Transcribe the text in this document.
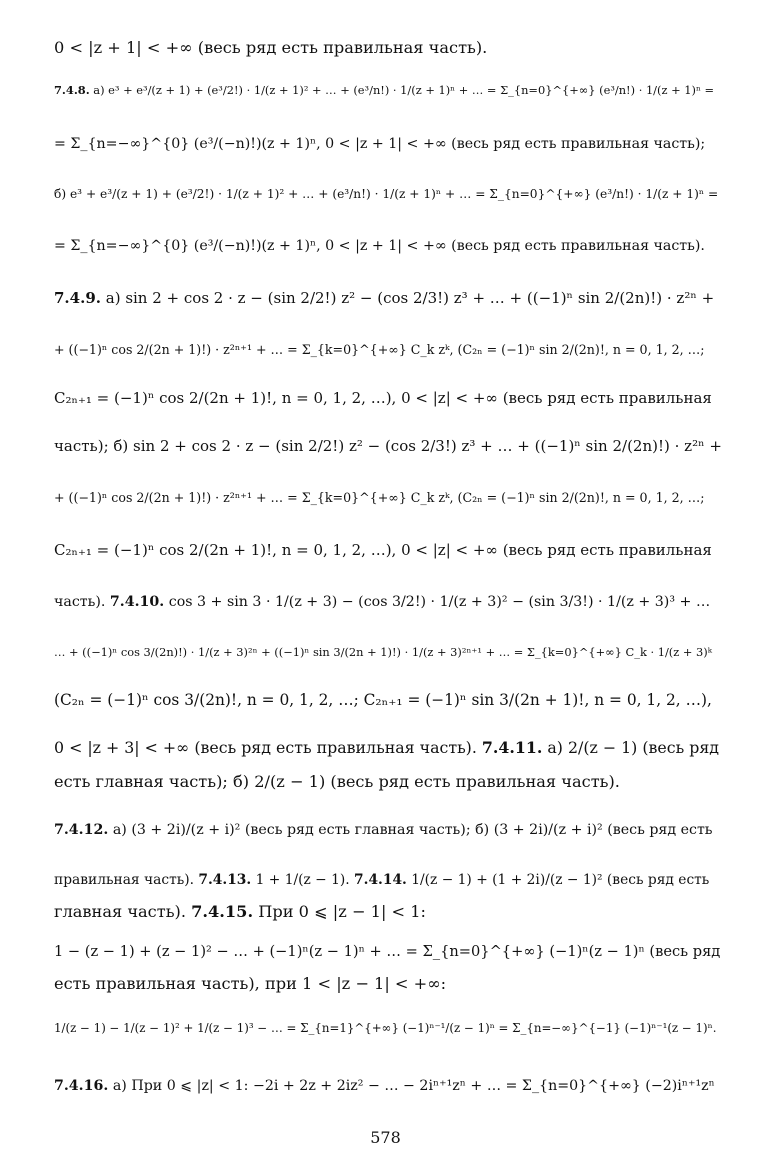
0 < |z + 1| < +∞ (весь ряд есть правильная часть).
7.4.8. а) e³ + e³/(z + 1) + (e³/2!) · 1/(z + 1)² + … + (e³/n!) · 1/(z + 1)ⁿ + … = Σ_{n=0}^{+∞} (e³/n!) · 1/(z + 1)ⁿ =
= Σ_{n=−∞}^{0} (e³/(−n)!)(z + 1)ⁿ, 0 < |z + 1| < +∞ (весь ряд есть правильная часть);
б) e³ + e³/(z + 1) + (e³/2!) · 1/(z + 1)² + … + (e³/n!) · 1/(z + 1)ⁿ + … = Σ_{n=0}^{+∞} (e³/n!) · 1/(z + 1)ⁿ =
= Σ_{n=−∞}^{0} (e³/(−n)!)(z + 1)ⁿ, 0 < |z + 1| < +∞ (весь ряд есть правильная часть).
7.4.9. а) sin 2 + cos 2 · z − (sin 2/2!) z² − (cos 2/3!) z³ + … + ((−1)ⁿ sin 2/(2n)!) · z²ⁿ +
+ ((−1)ⁿ cos 2/(2n + 1)!) · z²ⁿ⁺¹ + … = Σ_{k=0}^{+∞} C_k zᵏ, (C₂ₙ = (−1)ⁿ sin 2/(2n)!, n = 0, 1, 2, …;
C₂ₙ₊₁ = (−1)ⁿ cos 2/(2n + 1)!, n = 0, 1, 2, …), 0 < |z| < +∞ (весь ряд есть правильная
часть); б) sin 2 + cos 2 · z − (sin 2/2!) z² − (cos 2/3!) z³ + … + ((−1)ⁿ sin 2/(2n)!) · z²ⁿ +
+ ((−1)ⁿ cos 2/(2n + 1)!) · z²ⁿ⁺¹ + … = Σ_{k=0}^{+∞} C_k zᵏ, (C₂ₙ = (−1)ⁿ sin 2/(2n)!, n = 0, 1, 2, …;
C₂ₙ₊₁ = (−1)ⁿ cos 2/(2n + 1)!, n = 0, 1, 2, …), 0 < |z| < +∞ (весь ряд есть правильная
часть). 7.4.10. cos 3 + sin 3 · 1/(z + 3) − (cos 3/2!) · 1/(z + 3)² − (sin 3/3!) · 1/(z + 3)³ + …
… + ((−1)ⁿ cos 3/(2n)!) · 1/(z + 3)²ⁿ + ((−1)ⁿ sin 3/(2n + 1)!) · 1/(z + 3)²ⁿ⁺¹ + … = Σ_{k=0}^{+∞} C_k · 1/(z + 3)ᵏ
(C₂ₙ = (−1)ⁿ cos 3/(2n)!, n = 0, 1, 2, …; C₂ₙ₊₁ = (−1)ⁿ sin 3/(2n + 1)!, n = 0, 1, 2, …),
0 < |z + 3| < +∞ (весь ряд есть правильная часть). 7.4.11. а) 2/(z − 1) (весь ряд
есть главная часть); б) 2/(z − 1) (весь ряд есть правильная часть).
7.4.12. а) (3 + 2i)/(z + i)² (весь ряд есть главная часть); б) (3 + 2i)/(z + i)² (весь ряд есть
правильная часть). 7.4.13. 1 + 1/(z − 1). 7.4.14. 1/(z − 1) + (1 + 2i)/(z − 1)² (весь ряд есть
главная часть). 7.4.15. При 0 ⩽ |z − 1| < 1:
1 − (z − 1) + (z − 1)² − … + (−1)ⁿ(z − 1)ⁿ + … = Σ_{n=0}^{+∞} (−1)ⁿ(z − 1)ⁿ (весь ряд
есть правильная часть), при 1 < |z − 1| < +∞:
1/(z − 1) − 1/(z − 1)² + 1/(z − 1)³ − … = Σ_{n=1}^{+∞} (−1)ⁿ⁻¹/(z − 1)ⁿ = Σ_{n=−∞}^{−1} (−1)ⁿ⁻¹(z − 1)ⁿ.
7.4.16. а) При 0 ⩽ |z| < 1: −2i + 2z + 2iz² − … − 2iⁿ⁺¹zⁿ + … = Σ_{n=0}^{+∞} (−2)iⁿ⁺¹zⁿ
578
